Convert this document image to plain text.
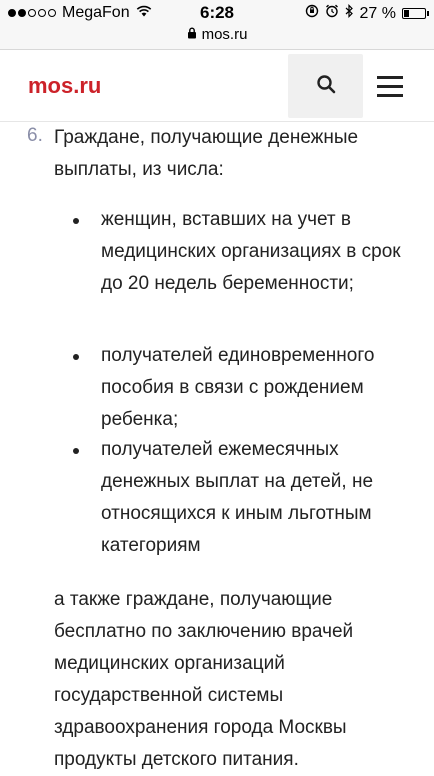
MegaFon	6:28	27 %
mos.ru
mos.ru
6. Граждане, получающие денежные выплаты, из числа:
женщин, вставших на учет в медицинских организациях в срок до 20 недель беременности;
получателей единовременного пособия в связи с рождением ребенка;
получателей ежемесячных денежных выплат на детей, не относящихся к иным льготным категориям
а также граждане, получающие бесплатно по заключению врачей медицинских организаций государственной системы здравоохранения города Москвы продукты детского питания.
